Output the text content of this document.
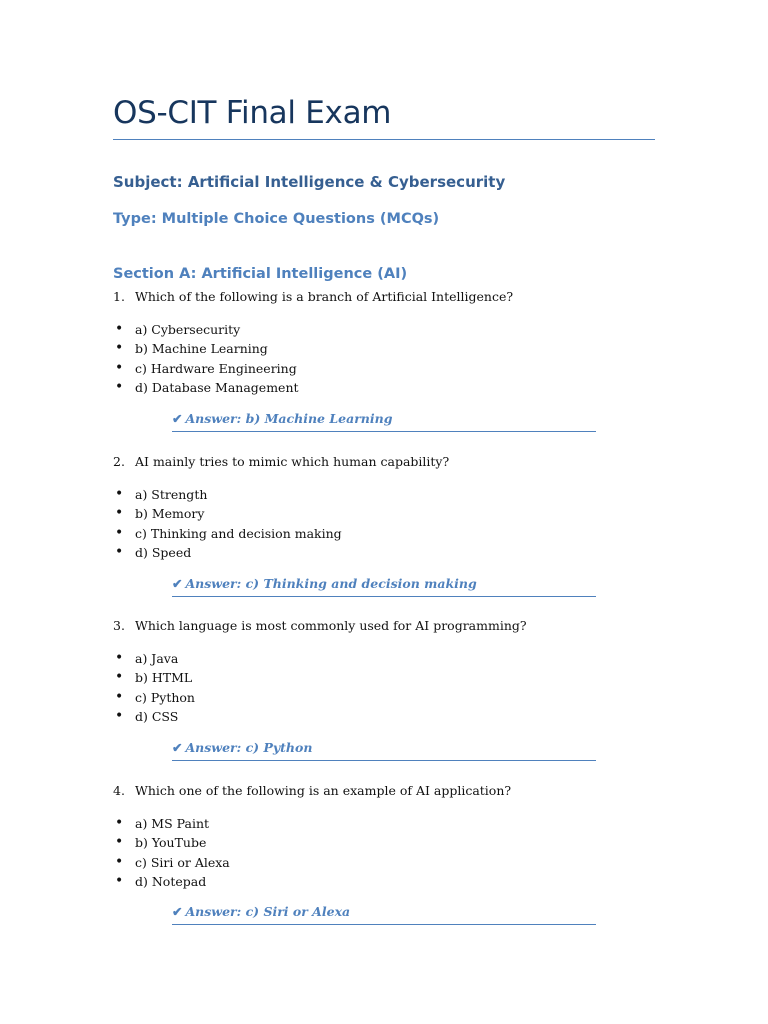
OS-CIT Final Exam
Subject: Artificial Intelligence & Cybersecurity
Type: Multiple Choice Questions (MCQs)
Section A: Artificial Intelligence (AI)
1. Which of the following is a branch of Artificial Intelligence?
• a) Cybersecurity
• b) Machine Learning
• c) Hardware Engineering
• d) Database Management
✔ Answer: b) Machine Learning
2. AI mainly tries to mimic which human capability?
• a) Strength
• b) Memory
• c) Thinking and decision making
• d) Speed
✔ Answer: c) Thinking and decision making
3. Which language is most commonly used for AI programming?
• a) Java
• b) HTML
• c) Python
• d) CSS
✔ Answer: c) Python
4. Which one of the following is an example of AI application?
• a) MS Paint
• b) YouTube
• c) Siri or Alexa
• d) Notepad
✔ Answer: c) Siri or Alexa
